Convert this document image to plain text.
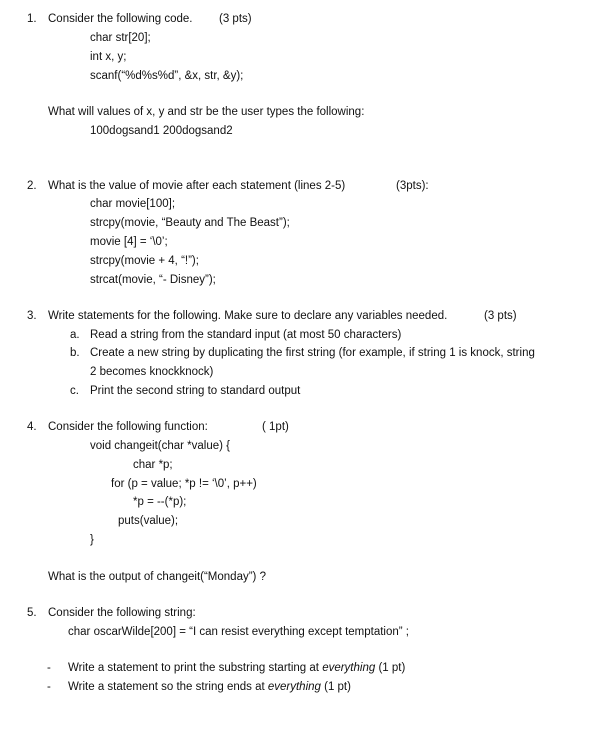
1. Consider the following code. (3 pts)
char str[20];
int x, y;
scanf(“%d%s%d”, &x, str, &y);
What will values of x, y and str be the user types the following:
100dogsand1 200dogsand2
2. What is the value of movie after each statement (lines 2-5)	(3pts):
char movie[100];
strcpy(movie, “Beauty and The Beast”);
movie [4] = ‘\0’;
strcpy(movie + 4, “!”);
strcat(movie, “- Disney”);
3. Write statements for the following. Make sure to declare any variables needed.	(3 pts)
a. Read a string from the standard input (at most 50 characters)
b. Create a new string by duplicating the first string (for example, if string 1 is knock, string
2 becomes knockknock)
c. Print the second string to standard output
4. Consider the following function:	( 1pt)
void changeit(char *value) {
char *p;
for (p = value; *p != ‘\0’, p++)
*p = --(*p);
puts(value);
}
What is the output of changeit(“Monday”) ?
5. Consider the following string:
char oscarWilde[200] = “I can resist everything except temptation” ;
- Write a statement to print the substring starting at everything (1 pt)
- Write a statement so the string ends at everything (1 pt)
